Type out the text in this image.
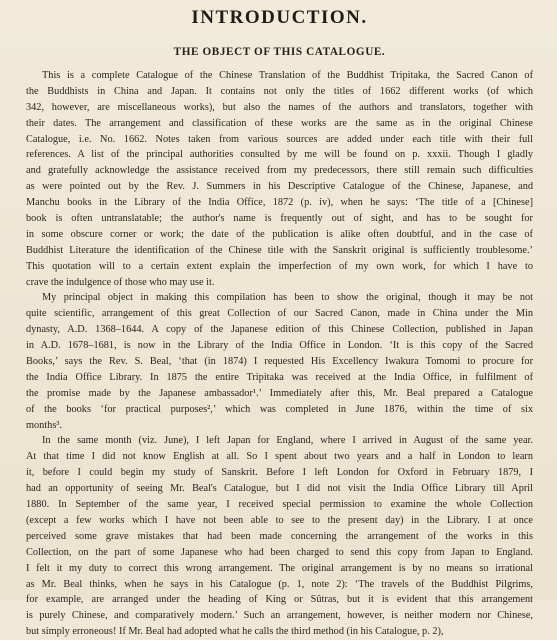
INTRODUCTION.
THE OBJECT OF THIS CATALOGUE.
This is a complete Catalogue of the Chinese Translation of the Buddhist Tripitaka, the Sacred Canon of
the Buddhists in China and Japan. It contains not only the titles of 1662 different works (of which
342, however, are miscellaneous works), but also the names of the authors and translators, together with
their dates. The arrangement and classification of these works are the same as in the original Chinese
Catalogue, i.e. No. 1662. Notes taken from various sources are added under each title with their full
references. A list of the principal authorities consulted by me will be found on p. xxxii. Though I gladly
and gratefully acknowledge the assistance received from my predecessors, there still remain such difficulties
as were pointed out by the Rev. J. Summers in his Descriptive Catalogue of the Chinese, Japanese, and
Manchu books in the Library of the India Office, 1872 (p. iv), when he says: ‘The title of a [Chinese]
book is often untranslatable; the author's name is frequently out of sight, and has to be sought for
in some obscure corner or work; the date of the publication is alike often doubtful, and in the case of
Buddhist Literature the identification of the Chinese title with the Sanskrit original is sufficiently troublesome.’
This quotation will to a certain extent explain the imperfection of my own work, for which I have to
crave the indulgence of those who may use it.
My principal object in making this compilation has been to show the original, though it may be not
quite scientific, arrangement of this great Collection of our Sacred Canon, made in China under the Min
dynasty, A.D. 1368–1644. A copy of the Japanese edition of this Chinese Collection, published in Japan
in A.D. 1678–1681, is now in the Library of the India Office in London. ‘It is this copy of the Sacred
Books,’ says the Rev. S. Beal, ‘that (in 1874) I requested His Excellency Iwakura Tomomi to procure for
the India Office Library. In 1875 the entire Tripitaka was received at the India Office, in fulfilment of
the promise made by the Japanese ambassador¹.’ Immediately after this, Mr. Beal prepared a Catalogue
of the books ‘for practical purposes²,’ which was completed in June 1876, within the time of six
months³.
In the same month (viz. June), I left Japan for England, where I arrived in August of the same year.
At that time I did not know English at all. So I spent about two years and a half in London to learn
it, before I could begin my study of Sanskrit. Before I left London for Oxford in February 1879, I
had an opportunity of seeing Mr. Beal's Catalogue, but I did not visit the India Office Library till April
1880. In September of the same year, I received special permission to examine the whole Collection
(except a few works which I have not been able to see to the present day) in the Library. I at once
perceived some grave mistakes that had been made concerning the arrangement of the works in this
Collection, on the part of some Japanese who had been charged to send this copy from Japan to England.
I felt it my duty to correct this wrong arrangement. The original arrangement is by no means so irrational
as Mr. Beal thinks, when he says in his Catalogue (p. 1, note 2): ‘The travels of the Buddhist Pilgrims,
for example, are arranged under the heading of King or Sûtras, but it is evident that this arrangement
is purely Chinese, and comparatively modern.’ Such an arrangement, however, is neither modern nor Chinese,
but simply erroneous! If Mr. Beal had adopted what he calls the third method (in his Catalogue, p. 2),
